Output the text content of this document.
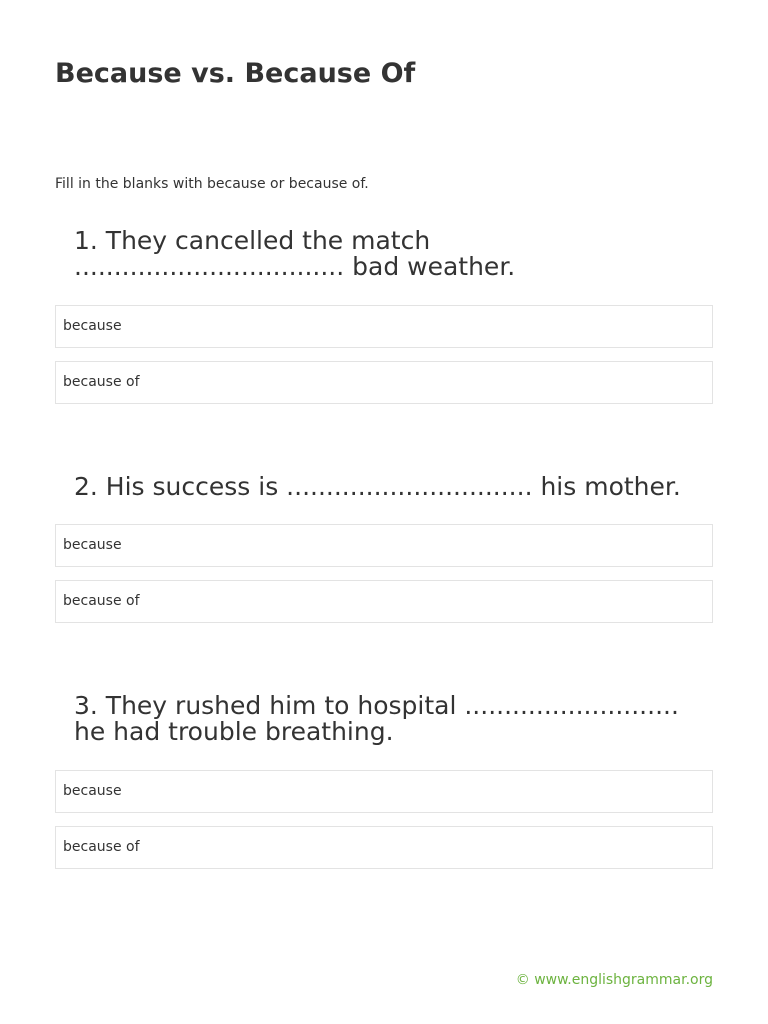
Because vs. Because Of

Fill in the blanks with because or because of.

1. They cancelled the match .................................. bad weather.

because
because of

2. His success is ............................... his mother.

because
because of

3. They rushed him to hospital ........................... he had trouble breathing.

because
because of
© www.englishgrammar.org
